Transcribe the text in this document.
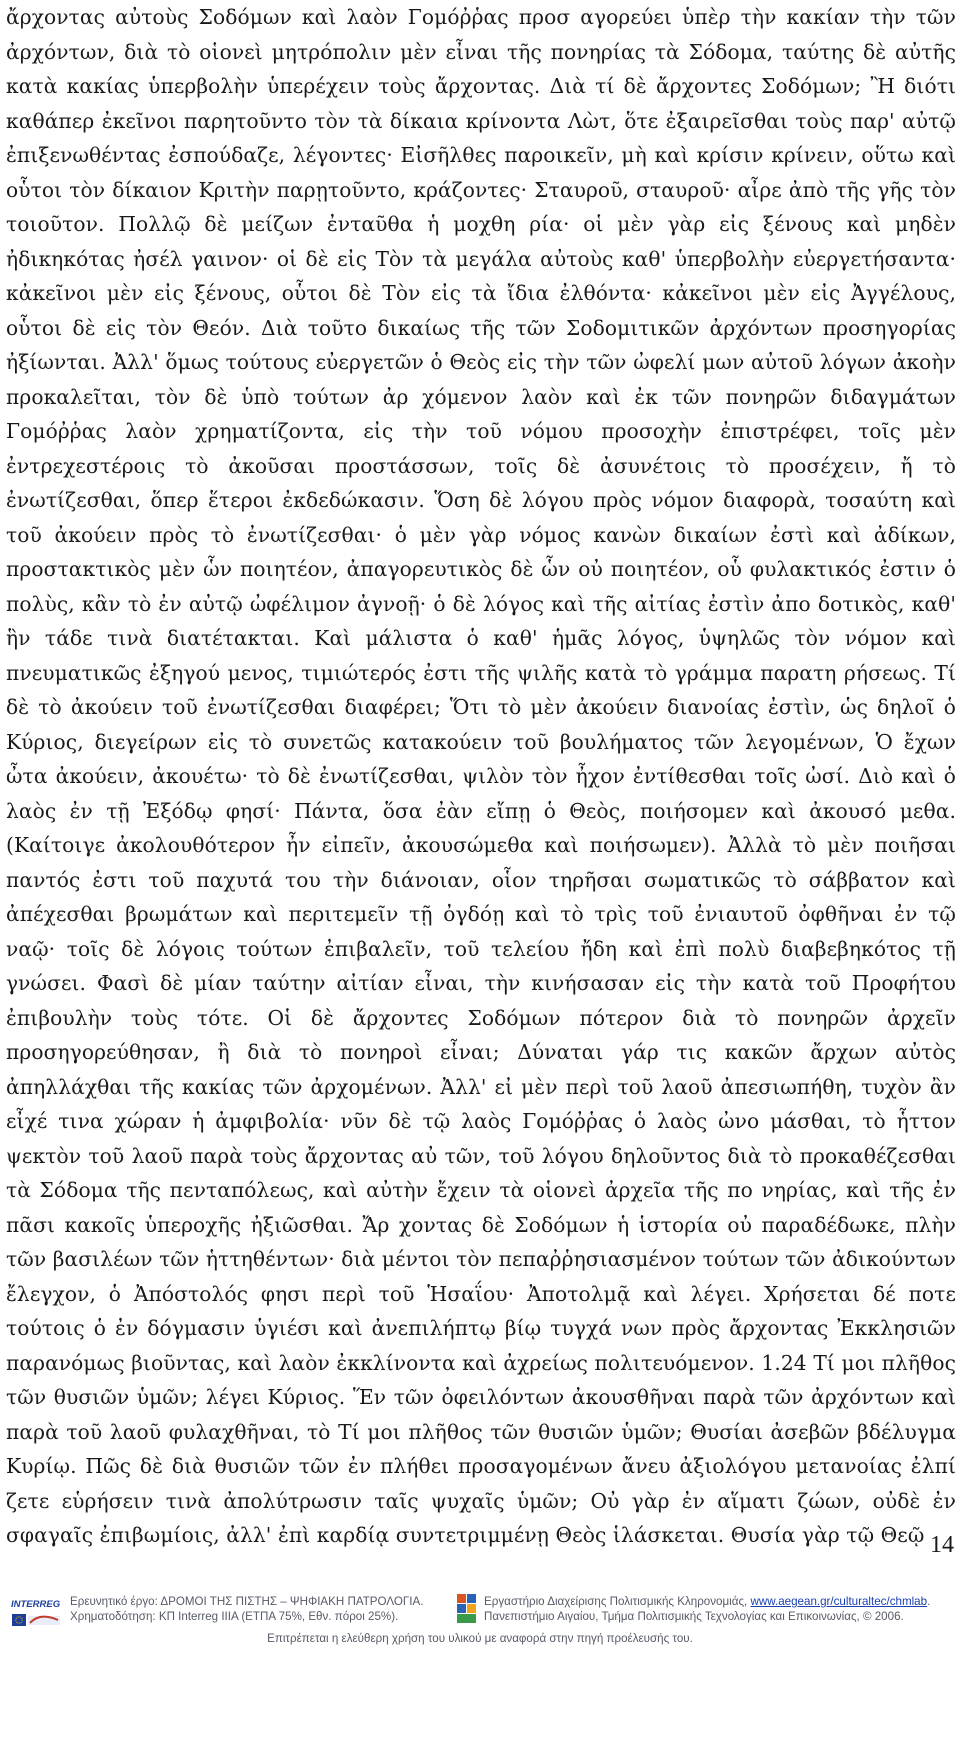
ἄρχοντας αὐτοὺς Σοδόμων καὶ λαὸν Γομόῤῥας προσ αγορεύει ὑπὲρ τὴν κακίαν τὴν τῶν ἀρχόντων, διὰ τὸ οἱονεὶ μητρόπολιν μὲν εἶναι τῆς πονηρίας τὰ Σόδομα, ταύτης δὲ αὐτῆς κατὰ κακίας ὑπερβολὴν ὑπερέχειν τοὺς ἄρχοντας. Διὰ τί δὲ ἄρχοντες Σοδόμων; Ἢ διότι καθάπερ ἐκεῖνοι παρητοῦντο τὸν τὰ δίκαια κρίνοντα Λὼτ, ὅτε ἐξαιρεῖσθαι τοὺς παρ' αὐτῷ ἐπιξενωθέντας ἐσπούδαζε, λέγοντες· Εἰσῆλθες παροικεῖν, μὴ καὶ κρίσιν κρίνειν, οὕτω καὶ οὗτοι τὸν δίκαιον Κριτὴν παρῃτοῦντο, κράζοντες· Σταυροῦ, σταυροῦ· αἶρε ἀπὸ τῆς γῆς τὸν τοιοῦτον. Πολλῷ δὲ μείζων ἐνταῦθα ἡ μοχθη ρία· οἱ μὲν γὰρ εἰς ξένους καὶ μηδὲν ἠδικηκότας ἠσέλ γαινον· οἱ δὲ εἰς Τὸν τὰ μεγάλα αὐτοὺς καθ' ὑπερβολὴν εὐεργετήσαντα· κἀκεῖνοι μὲν εἰς ξένους, οὗτοι δὲ Τὸν εἰς τὰ ἴδια ἐλθόντα· κἀκεῖνοι μὲν εἰς Ἀγγέλους, οὗτοι δὲ εἰς τὸν Θεόν. Διὰ τοῦτο δικαίως τῆς τῶν Σοδομιτικῶν ἀρχόντων προσηγορίας ἠξίωνται. Ἀλλ' ὅμως τούτους εὐεργετῶν ὁ Θεὸς εἰς τὴν τῶν ὠφελί μων αὐτοῦ λόγων ἀκοὴν προκαλεῖται, τὸν δὲ ὑπὸ τούτων ἀρ χόμενον λαὸν καὶ ἐκ τῶν πονηρῶν διδαγμάτων Γομόῤῥας λαὸν χρηματίζοντα, εἰς τὴν τοῦ νόμου προσοχὴν ἐπιστρέφει, τοῖς μὲν ἐντρεχεστέροις τὸ ἀκοῦσαι προστάσσων, τοῖς δὲ ἀσυνέτοις τὸ προσέχειν, ἤ τὸ ἐνωτίζεσθαι, ὅπερ ἕτεροι ἐκδεδώκασιν. Ὅση δὲ λόγου πρὸς νόμον διαφορὰ, τοσαύτη καὶ τοῦ ἀκούειν πρὸς τὸ ἐνωτίζεσθαι· ὁ μὲν γὰρ νόμος κανὼν δικαίων ἐστὶ καὶ ἀδίκων, προστακτικὸς μὲν ὧν ποιητέον, ἀπαγορευτικὸς δὲ ὧν οὐ ποιητέον, οὗ φυλακτικός ἐστιν ὁ πολὺς, κἂν τὸ ἐν αὐτῷ ὠφέλιμον ἀγνοῇ· ὁ δὲ λόγος καὶ τῆς αἰτίας ἐστὶν ἀπο δοτικὸς, καθ' ἣν τάδε τινὰ διατέτακται. Καὶ μάλιστα ὁ καθ' ἡμᾶς λόγος, ὑψηλῶς τὸν νόμον καὶ πνευματικῶς ἐξηγού μενος, τιμιώτερός ἐστι τῆς ψιλῆς κατὰ τὸ γράμμα παρατη ρήσεως. Τί δὲ τὸ ἀκούειν τοῦ ἐνωτίζεσθαι διαφέρει; Ὅτι τὸ μὲν ἀκούειν διανοίας ἐστὶν, ὡς δηλοῖ ὁ Κύριος, διεγείρων εἰς τὸ συνετῶς κατακούειν τοῦ βουλήματος τῶν λεγομένων, Ὁ ἔχων ὦτα ἀκούειν, ἀκουέτω· τὸ δὲ ἐνωτίζεσθαι, ψιλὸν τὸν ἦχον ἐντίθεσθαι τοῖς ὠσί. Διὸ καὶ ὁ λαὸς ἐν τῇ Ἐξόδῳ φησί· Πάντα, ὅσα ἐὰν εἴπῃ ὁ Θεὸς, ποιήσομεν καὶ ἀκουσό μεθα. (Καίτοιγε ἀκολουθότερον ἦν εἰπεῖν, ἀκουσώμεθα καὶ ποιήσωμεν). Ἀλλὰ τὸ μὲν ποιῆσαι παντός ἐστι τοῦ παχυτά του τὴν διάνοιαν, οἷον τηρῆσαι σωματικῶς τὸ σάββατον καὶ ἀπέχεσθαι βρωμάτων καὶ περιτεμεῖν τῇ ὀγδόῃ καὶ τὸ τρὶς τοῦ ἐνιαυτοῦ ὀφθῆναι ἐν τῷ ναῷ· τοῖς δὲ λόγοις τούτων ἐπιβαλεῖν, τοῦ τελείου ἤδη καὶ ἐπὶ πολὺ διαβεβηκότος τῇ γνώσει. Φασὶ δὲ μίαν ταύτην αἰτίαν εἶναι, τὴν κινήσασαν εἰς τὴν κατὰ τοῦ Προφήτου ἐπιβουλὴν τοὺς τότε. Οἱ δὲ ἄρχοντες Σοδόμων πότερον διὰ τὸ πονηρῶν ἀρχεῖν προσηγορεύθησαν, ἢ διὰ τὸ πονηροὶ εἶναι; Δύναται γάρ τις κακῶν ἄρχων αὐτὸς ἀπηλλάχθαι τῆς κακίας τῶν ἀρχομένων. Ἀλλ' εἰ μὲν περὶ τοῦ λαοῦ ἀπεσιωπήθη, τυχὸν ἂν εἶχέ τινα χώραν ἡ ἀμφιβολία· νῦν δὲ τῷ λαὸς Γομόῤῥας ὁ λαὸς ὠνο μάσθαι, τὸ ἧττον ψεκτὸν τοῦ λαοῦ παρὰ τοὺς ἄρχοντας αὐ τῶν, τοῦ λόγου δηλοῦντος διὰ τὸ προκαθέζεσθαι τὰ Σόδομα τῆς πενταπόλεως, καὶ αὐτὴν ἔχειν τὰ οἱονεὶ ἀρχεῖα τῆς πο νηρίας, καὶ τῆς ἐν πᾶσι κακοῖς ὑπεροχῆς ἠξιῶσθαι. Ἄρ χοντας δὲ Σοδόμων ἡ ἱστορία οὐ παραδέδωκε, πλὴν τῶν βασιλέων τῶν ἡττηθέντων· διὰ μέντοι τὸν πεπαῤῥησιασμένον τούτων τῶν ἀδικούντων ἔλεγχον, ὁ Ἀπόστολός φησι περὶ τοῦ Ἡσαΐου· Ἀποτολμᾷ καὶ λέγει. Χρήσεται δέ ποτε τούτοις ὁ ἐν δόγμασιν ὑγιέσι καὶ ἀνεπιλήπτῳ βίῳ τυγχά νων πρὸς ἄρχοντας Ἐκκλησιῶν παρανόμως βιοῦντας, καὶ λαὸν ἐκκλίνοντα καὶ ἀχρείως πολιτευόμενον. 1.24 Τί μοι πλῆθος τῶν θυσιῶν ὑμῶν; λέγει Κύριος. Ἕν τῶν ὀφειλόντων ἀκουσθῆναι παρὰ τῶν ἀρχόντων καὶ παρὰ τοῦ λαοῦ φυλαχθῆναι, τὸ Τί μοι πλῆθος τῶν θυσιῶν ὑμῶν; Θυσίαι ἀσεβῶν βδέλυγμα Κυρίῳ. Πῶς δὲ διὰ θυσιῶν τῶν ἐν πλήθει προσαγομένων ἄνευ ἀξιολόγου μετανοίας ἐλπί ζετε εὑρήσειν τινὰ ἀπολύτρωσιν ταῖς ψυχαῖς ὑμῶν; Οὐ γὰρ ἐν αἵματι ζώων, οὐδὲ ἐν σφαγαῖς ἐπιβωμίοις, ἀλλ' ἐπὶ καρδίᾳ συντετριμμένῃ Θεὸς ἱλάσκεται. Θυσία γὰρ τῷ Θεῷ 14
INTERREG Ερευνητικό έργο: ΔΡΟΜΟΙ ΤΗΣ ΠΙΣΤΗΣ – ΨΗΦΙΑΚΗ ΠΑΤΡΟΛΟΓΙΑ.
Χρηματοδότηση: ΚΠ Interreg IIIA (ΕΤΠΑ 75%, Εθν. πόροι 25%).
Εργαστήριο Διαχείρισης Πολιτισμικής Κληρονομιάς, www.aegean.gr/culturaltec/chmlab.
Πανεπιστήμιο Αιγαίου, Τμήμα Πολιτισμικής Τεχνολογίας και Επικοινωνίας, © 2006.
Επιτρέπεται η ελεύθερη χρήση του υλικού με αναφορά στην πηγή προέλευσής του.
